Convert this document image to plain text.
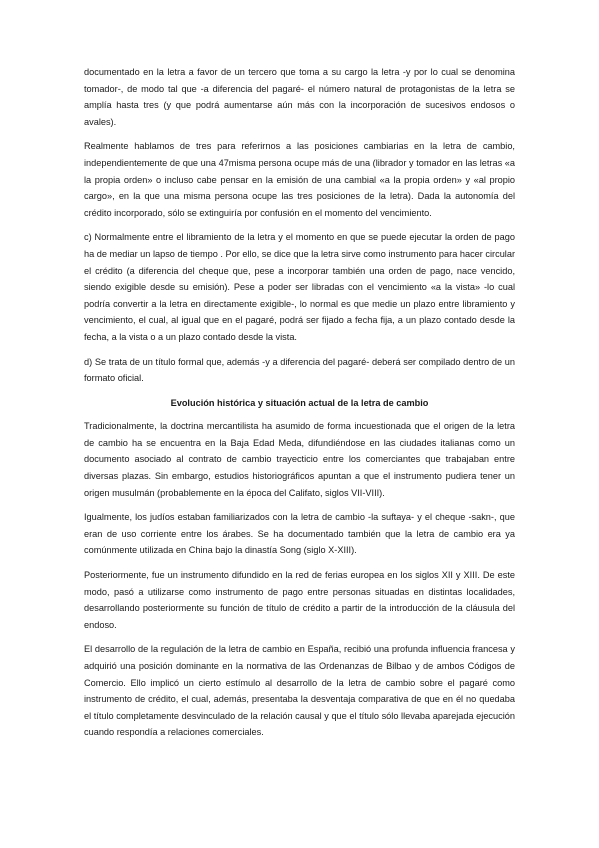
documentado en la letra a favor de un tercero que toma a su cargo la letra -y por lo cual se denomina tomador-, de modo tal que -a diferencia del pagaré- el número natural de protagonistas de la letra se amplía hasta tres (y que podrá aumentarse aún más con la incorporación de sucesivos endosos o avales).

Realmente hablamos de tres para referirnos a las posiciones cambiarias en la letra de cambio, independientemente de que una 47misma persona ocupe más de una (librador y tomador en las letras «a la propia orden» o incluso cabe pensar en la emisión de una cambial «a la propia orden» y «al propio cargo», en la que una misma persona ocupe las tres posiciones de la letra). Dada la autonomía del crédito incorporado, sólo se extinguiría por confusión en el momento del vencimiento.

c) Normalmente entre el libramiento de la letra y el momento en que se puede ejecutar la orden de pago ha de mediar un lapso de tiempo . Por ello, se dice que la letra sirve como instrumento para hacer circular el crédito (a diferencia del cheque que, pese a incorporar también una orden de pago, nace vencido, siendo exigible desde su emisión). Pese a poder ser libradas con el vencimiento «a la vista» -lo cual podría convertir a la letra en directamente exigible-, lo normal es que medie un plazo entre libramiento y vencimiento, el cual, al igual que en el pagaré, podrá ser fijado a fecha fija, a un plazo contado desde la fecha, a la vista o a un plazo contado desde la vista.

d) Se trata de un título formal que, además -y a diferencia del pagaré- deberá ser compilado dentro de un formato oficial.

Evolución histórica y situación actual de la letra de cambio

Tradicionalmente, la doctrina mercantilista ha asumido de forma incuestionada que el origen de la letra de cambio ha se encuentra en la Baja Edad Meda, difundiéndose en las ciudades italianas como un documento asociado al contrato de cambio trayecticio entre los comerciantes que trabajaban entre diversas plazas. Sin embargo, estudios historiográficos apuntan a que el instrumento pudiera tener un origen musulmán (probablemente en la época del Califato, siglos VII-VIII).

Igualmente, los judíos estaban familiarizados con la letra de cambio -la suftaya- y el cheque -sakn-, que eran de uso corriente entre los árabes. Se ha documentado también que la letra de cambio era ya comúnmente utilizada en China bajo la dinastía Song (siglo X-XIII).

Posteriormente, fue un instrumento difundido en la red de ferias europea en los siglos XII y XIII. De este modo, pasó a utilizarse como instrumento de pago entre personas situadas en distintas localidades, desarrollando posteriormente su función de título de crédito a partir de la introducción de la cláusula del endoso.

El desarrollo de la regulación de la letra de cambio en España, recibió una profunda influencia francesa y adquirió una posición dominante en la normativa de las Ordenanzas de Bilbao y de ambos Códigos de Comercio. Ello implicó un cierto estímulo al desarrollo de la letra de cambio sobre el pagaré como instrumento de crédito, el cual, además, presentaba la desventaja comparativa de que en él no quedaba el título completamente desvinculado de la relación causal y que el título sólo llevaba aparejada ejecución cuando respondía a relaciones comerciales.
